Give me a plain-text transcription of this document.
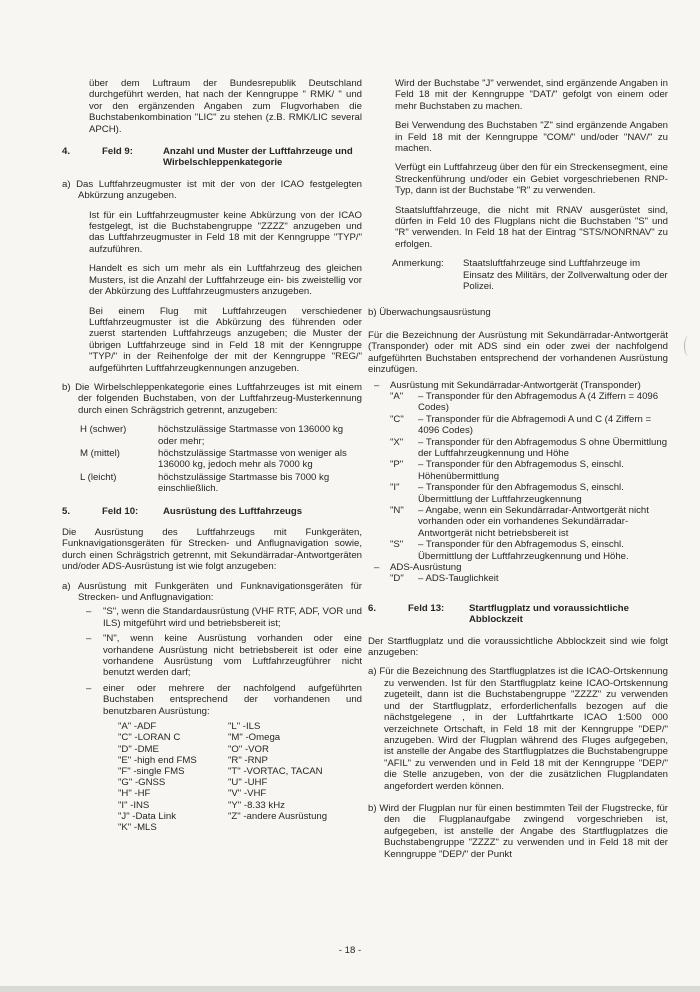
über dem Luftraum der Bundesrepublik Deutschland durchgeführt werden, hat nach der Kenngruppe " RMK/ " und vor den ergänzenden Angaben zum Flugvorhaben die Buchstabenkombination "LIC" zu stehen (z.B. RMK/LIC several APCH).

4.	Feld 9:	Anzahl und Muster der Luftfahrzeuge und Wirbelschleppenkategorie

a) Das Luftfahrzeugmuster ist mit der von der ICAO festgelegten Abkürzung anzugeben.

Ist für ein Luftfahrzeugmuster keine Abkürzung von der ICAO festgelegt, ist die Buchstabengruppe "ZZZZ" anzugeben und das Luftfahrzeugmuster in Feld 18 mit der Kenngruppe "TYP/" aufzuführen.

Handelt es sich um mehr als ein Luftfahrzeug des gleichen Musters, ist die Anzahl der Luftfahrzeuge ein- bis zweistellig vor der Abkürzung des Luftfahrzeugmusters anzugeben.

Bei einem Flug mit Luftfahrzeugen verschiedener Luftfahrzeugmuster ist die Abkürzung des führenden oder zuerst startenden Luftfahrzeugs anzugeben; die Muster der übrigen Luftfahrzeuge sind in Feld 18 mit der Kenngruppe "TYP/" in der Reihenfolge der mit der Kenngruppe "REG/" aufgeführten Luftfahrzeugkennungen anzugeben.

b) Die Wirbelschleppenkategorie eines Luftfahrzeuges ist mit einem der folgenden Buchstaben, von der Luftfahrzeug-Musterkennung durch einen Schrägstrich getrennt, anzugeben:

H (schwer)	höchstzulässige Startmasse von 136000 kg oder mehr;
M (mittel)	höchstzulässige Startmasse von weniger als 136000 kg, jedoch mehr als 7000 kg
L (leicht)	höchstzulässige Startmasse bis 7000 kg einschließlich.
5.	Feld 10:	Ausrüstung des Luftfahrzeugs

Die Ausrüstung des Luftfahrzeugs mit Funkgeräten, Funknavigationsgeräten für Strecken- und Anflugnavigation sowie, durch einen Schrägstrich getrennt, mit Sekundärradar-Antwortgeräten und/oder ADS-Ausrüstung ist wie folgt anzugeben:

a) Ausrüstung mit Funkgeräten und Funknavigationsgeräten für Strecken- und Anflugnavigation:

–	"S", wenn die Standardausrüstung (VHF RTF, ADF, VOR und ILS) mitgeführt wird und betriebsbereit ist;
–	"N", wenn keine Ausrüstung vorhanden oder eine vorhandene Ausrüstung nicht betriebsbereit ist oder eine vorhandene Ausrüstung vom Luftfahrzeugführer nicht benutzt werden darf;
–	einer oder mehrere der nachfolgend aufgeführten Buchstaben entsprechend der vorhandenen und benutzbaren Ausrüstung:
"A" -ADF	"L" -ILS
"C" -LORAN C	"M" -Omega
"D" -DME	"O" -VOR
"E" -high end FMS	"R" -RNP
"F" -single FMS	"T" -VORTAC, TACAN
"G" -GNSS	"U" -UHF
"H" -HF	"V" -VHF
"I" -INS	"Y" -8.33 kHz
"J" -Data Link	"Z" -andere Ausrüstung
"K" -MLS

Wird der Buchstabe "J" verwendet, sind ergänzende Angaben in Feld 18 mit der Kenngruppe "DAT/" gefolgt von einem oder mehr Buchstaben zu machen.

Bei Verwendung des Buchstaben "Z" sind ergänzende Angaben in Feld 18 mit der Kenngruppe "COM/" und/oder "NAV/" zu machen.

Verfügt ein Luftfahrzeug über den für ein Streckensegment, eine Streckenführung und/oder ein Gebiet vorgeschriebenen RNP-Typ, dann ist der Buchstabe "R" zu verwenden.

Staatsluftfahrzeuge, die nicht mit RNAV ausgerüstet sind, dürfen in Feld 10 des Flugplans nicht die Buchstaben "S" und "R" verwenden. In Feld 18 hat der Eintrag "STS/NONRNAV" zu erfolgen.

Anmerkung:	Staatsluftfahrzeuge sind Luftfahrzeuge im Einsatz des Militärs, der Zollverwaltung oder der Polizei.

b) Überwachungsausrüstung

Für die Bezeichnung der Ausrüstung mit Sekundärradar-Antwortgerät (Transponder) oder mit ADS sind ein oder zwei der nachfolgend aufgeführten Buchstaben entsprechend der vorhandenen Ausrüstung einzufügen.

–	Ausrüstung mit Sekundärradar-Antwortgerät (Transponder)
"A"	– Transponder für den Abfragemodus A (4 Ziffern = 4096 Codes)
"C"	– Transponder für die Abfragemodi A und C (4 Ziffern = 4096 Codes)
"X"	– Transponder für den Abfragemodus S ohne Übermittlung der Luftfahrzeugkennung und Höhe
"P"	– Transponder für den Abfragemodus S, einschl. Höhenübermittlung
"I"	– Transponder für den Abfragemodus S, einschl. Übermittlung der Luftfahrzeugkennung
"N"	– Angabe, wenn ein Sekundärradar-Antwortgerät nicht vorhanden oder ein vorhandenes Sekundärradar-Antwortgerät nicht betriebsbereit ist
"S"	– Transponder für den Abfragemodus S, einschl. Übermittlung der Luftfahrzeugkennung und Höhe.
–	ADS-Ausrüstung
"D"	– ADS-Tauglichkeit
6.	Feld 13:	Startflugplatz und voraussichtliche Abblockzeit

Der Startflugplatz und die voraussichtliche Abblockzeit sind wie folgt anzugeben:

a) Für die Bezeichnung des Startflugplatzes ist die ICAO-Ortskennung zu verwenden. Ist für den Startflugplatz keine ICAO-Ortskennung zugeteilt, dann ist die Buchstabengruppe "ZZZZ" zu verwenden und der Startflugplatz, erforderlichenfalls bezogen auf die nächstgelegene , in der Luftfahrtkarte ICAO 1:500 000 verzeichnete Ortschaft, in Feld 18 mit der Kenngruppe "DEP/" anzugeben. Wird der Flugplan während des Fluges aufgegeben, ist anstelle der Angabe des Startflugplatzes die Buchstabengruppe "AFIL" zu verwenden und in Feld 18 mit der Kenngruppe "DEP/" die Stelle anzugeben, von der die zusätzlichen Flugplandaten angefordert werden können.

b) Wird der Flugplan nur für einen bestimmten Teil der Flugstrecke, für den die Flugplanaufgabe zwingend vorgeschrieben ist, aufgegeben, ist anstelle der Angabe des Startflugplatzes die Buchstabengruppe "ZZZZ" zu verwenden und in Feld 18 mit der Kenngruppe "DEP/" der Punkt

- 18 -
